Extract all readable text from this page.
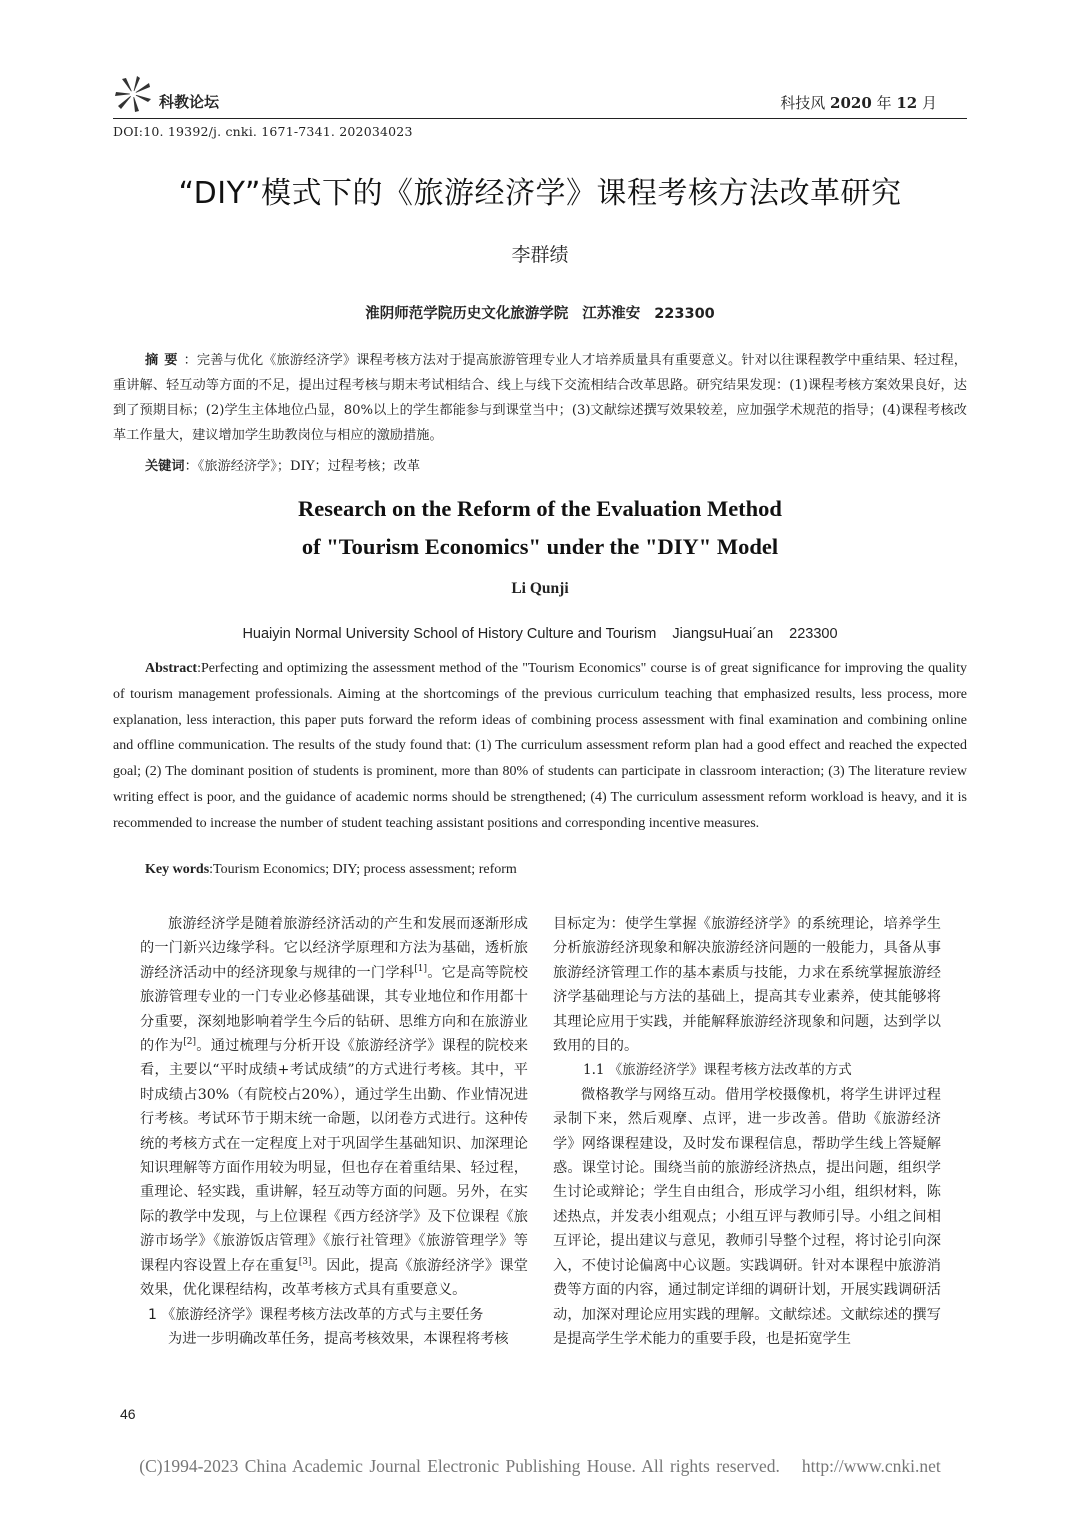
科教论坛	科技风 2020 年 12 月
DOI:10. 19392/j. cnki. 1671-7341. 202034023
“DIY”模式下的《旅游经济学》课程考核方法改革研究
李群绩
淮阴师范学院历史文化旅游学院 江苏淮安 223300
摘要：完善与优化《旅游经济学》课程考核方法对于提高旅游管理专业人才培养质量具有重要意义。针对以往课程教学中重结果、轻过程，重讲解、轻互动等方面的不足，提出过程考核与期末考试相结合、线上与线下交流相结合改革思路。研究结果发现：(1)课程考核方案效果良好，达到了预期目标；(2)学生主体地位凸显，80%以上的学生都能参与到课堂当中；(3)文献综述撰写效果较差，应加强学术规范的指导；(4)课程考核改革工作量大，建议增加学生助教岗位与相应的激励措施。
关键词：《旅游经济学》；DIY；过程考核；改革
Research on the Reform of the Evaluation Method
of "Tourism Economics" under the "DIY" Model
Li Qunji
Huaiyin Normal University School of History Culture and Tourism JiangsuHuai´an 223300
Abstract:Perfecting and optimizing the assessment method of the "Tourism Economics" course is of great significance for improving the quality of tourism management professionals. Aiming at the shortcomings of the previous curriculum teaching that emphasized results, less process, more explanation, less interaction, this paper puts forward the reform ideas of combining process assessment with final examination and combining online and offline communication. The results of the study found that: (1) The curriculum assessment reform plan had a good effect and reached the expected goal; (2) The dominant position of students is prominent, more than 80% of students can participate in classroom interaction; (3) The literature review writing effect is poor, and the guidance of academic norms should be strengthened; (4) The curriculum assessment reform workload is heavy, and it is recommended to increase the number of student teaching assistant positions and corresponding incentive measures.
Key words:Tourism Economics; DIY; process assessment; reform

旅游经济学是随着旅游经济活动的产生和发展而逐渐形成的一门新兴边缘学科。它以经济学原理和方法为基础，透析旅游经济活动中的经济现象与规律的一门学科[1]。它是高等院校旅游管理专业的一门专业必修基础课，其专业地位和作用都十分重要，深刻地影响着学生今后的钻研、思维方向和在旅游业的作为[2]。通过梳理与分析开设《旅游经济学》课程的院校来看，主要以“平时成绩+考试成绩”的方式进行考核。其中，平时成绩占30%（有院校占20%），通过学生出勤、作业情况进行考核。考试环节于期末统一命题，以闭卷方式进行。这种传统的考核方式在一定程度上对于巩固学生基础知识、加深理论知识理解等方面作用较为明显，但也存在着重结果、轻过程，重理论、轻实践，重讲解，轻互动等方面的问题。另外，在实际的教学中发现，与上位课程《西方经济学》及下位课程《旅游市场学》《旅游饭店管理》《旅行社管理》《旅游管理学》等课程内容设置上存在重复[3]。因此，提高《旅游经济学》课堂效果，优化课程结构，改革考核方式具有重要意义。

1 《旅游经济学》课程考核方法改革的方式与主要任务

为进一步明确改革任务，提高考核效果，本课程将考核

目标定为：使学生掌握《旅游经济学》的系统理论，培养学生分析旅游经济现象和解决旅游经济问题的一般能力，具备从事旅游经济管理工作的基本素质与技能，力求在系统掌握旅游经济学基础理论与方法的基础上，提高其专业素养，使其能够将其理论应用于实践，并能解释旅游经济现象和问题，达到学以致用的目的。

1.1 《旅游经济学》课程考核方法改革的方式

微格教学与网络互动。借用学校摄像机，将学生讲评过程录制下来，然后观摩、点评，进一步改善。借助《旅游经济学》网络课程建设，及时发布课程信息，帮助学生线上答疑解惑。课堂讨论。围绕当前的旅游经济热点，提出问题，组织学生讨论或辩论；学生自由组合，形成学习小组，组织材料，陈述热点，并发表小组观点；小组互评与教师引导。小组之间相互评论，提出建议与意见，教师引导整个过程，将讨论引向深入，不使讨论偏离中心议题。实践调研。针对本课程中旅游消费等方面的内容，通过制定详细的调研计划，开展实践调研活动，加深对理论应用实践的理解。文献综述。文献综述的撰写是提高学生学术能力的重要手段，也是拓宽学生

46
(C)1994-2023 China Academic Journal Electronic Publishing House. All rights reserved. http://www.cnki.net
